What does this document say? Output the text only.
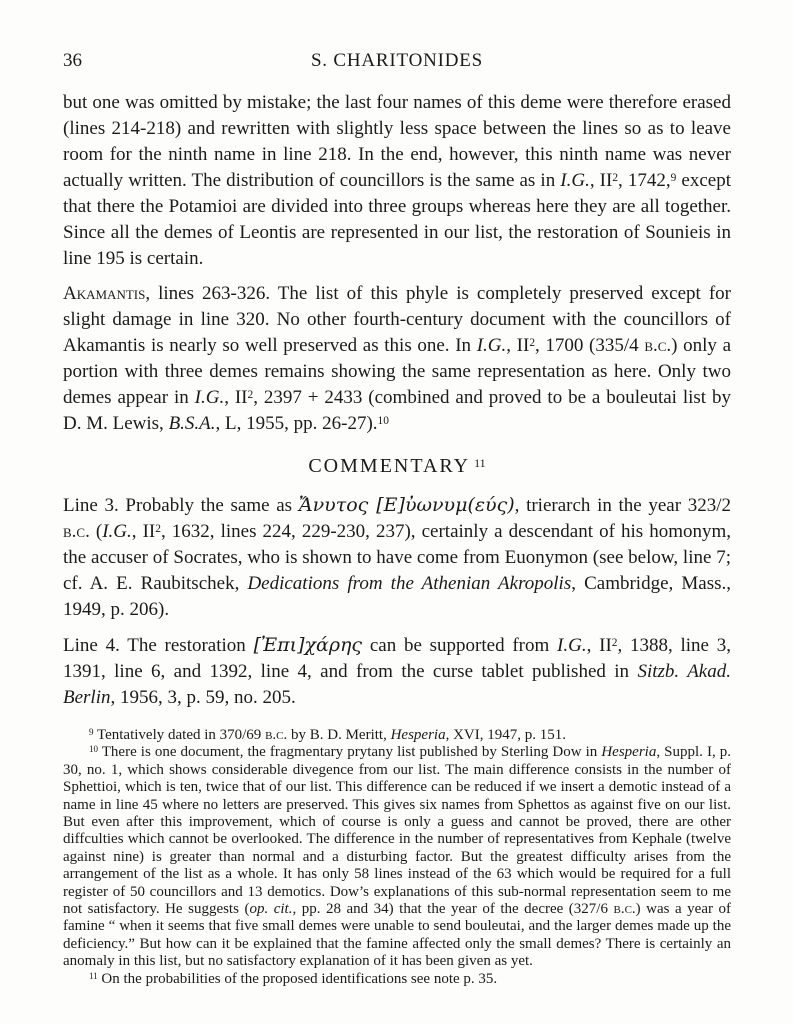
36	S. CHARITONIDES
but one was omitted by mistake; the last four names of this deme were therefore erased (lines 214-218) and rewritten with slightly less space between the lines so as to leave room for the ninth name in line 218. In the end, however, this ninth name was never actually written. The distribution of councillors is the same as in I.G., $II^2$, 1742,$^9$ except that there the Potamioi are divided into three groups whereas here they are all together. Since all the demes of Leontis are represented in our list, the restoration of Sounieis in line 195 is certain.
Akamantis, lines 263-326. The list of this phyle is completely preserved except for slight damage in line 320. No other fourth-century document with the councillors of Akamantis is nearly so well preserved as this one. In I.G., $II^2$, 1700 (335/4 b.c.) only a portion with three demes remains showing the same representation as here. Only two demes appear in I.G., $II^2$, 2397 + 2433 (combined and proved to be a bouleutai list by D. M. Lewis, B.S.A., L, 1955, pp. 26-27).$^{10}$
COMMENTARY $^{11}$
Line 3. Probably the same as Ἄνυτος [Ε]ὐωνυμ(εύς), trierarch in the year 323/2 b.c. (I.G., $II^2$, 1632, lines 224, 229-230, 237), certainly a descendant of his homonym, the accuser of Socrates, who is shown to have come from Euonymon (see below, line 7; cf. A. E. Raubitschek, Dedications from the Athenian Akropolis, Cambridge, Mass., 1949, p. 206).
Line 4. The restoration [Ἐπι]χάρης can be supported from I.G., $II^2$, 1388, line 3, 1391, line 6, and 1392, line 4, and from the curse tablet published in Sitzb. Akad. Berlin, 1956, 3, p. 59, no. 205.
$^9$ Tentatively dated in 370/69 b.c. by B. D. Meritt, Hesperia, XVI, 1947, p. 151.
$^{10}$ There is one document, the fragmentary prytany list published by Sterling Dow in Hesperia, Suppl. I, p. 30, no. 1, which shows considerable divegence from our list. The main difference consists in the number of Sphettioi, which is ten, twice that of our list. This difference can be reduced if we insert a demotic instead of a name in line 45 where no letters are preserved. This gives six names from Sphettos as against five on our list. But even after this improvement, which of course is only a guess and cannot be proved, there are other diffculties which cannot be overlooked. The difference in the number of representatives from Kephale (twelve against nine) is greater than normal and a disturbing factor. But the greatest difficulty arises from the arrangement of the list as a whole. It has only 58 lines instead of the 63 which would be required for a full register of 50 councillors and 13 demotics. Dow’s explanations of this sub-normal representation seem to me not satisfactory. He suggests (op. cit., pp. 28 and 34) that the year of the decree (327/6 b.c.) was a year of famine “ when it seems that five small demes were unable to send bouleutai, and the larger demes made up the deficiency.” But how can it be explained that the famine affected only the small demes? There is certainly an anomaly in this list, but no satisfactory explanation of it has been given as yet.
$^{11}$ On the probabilities of the proposed identifications see note p. 35.
